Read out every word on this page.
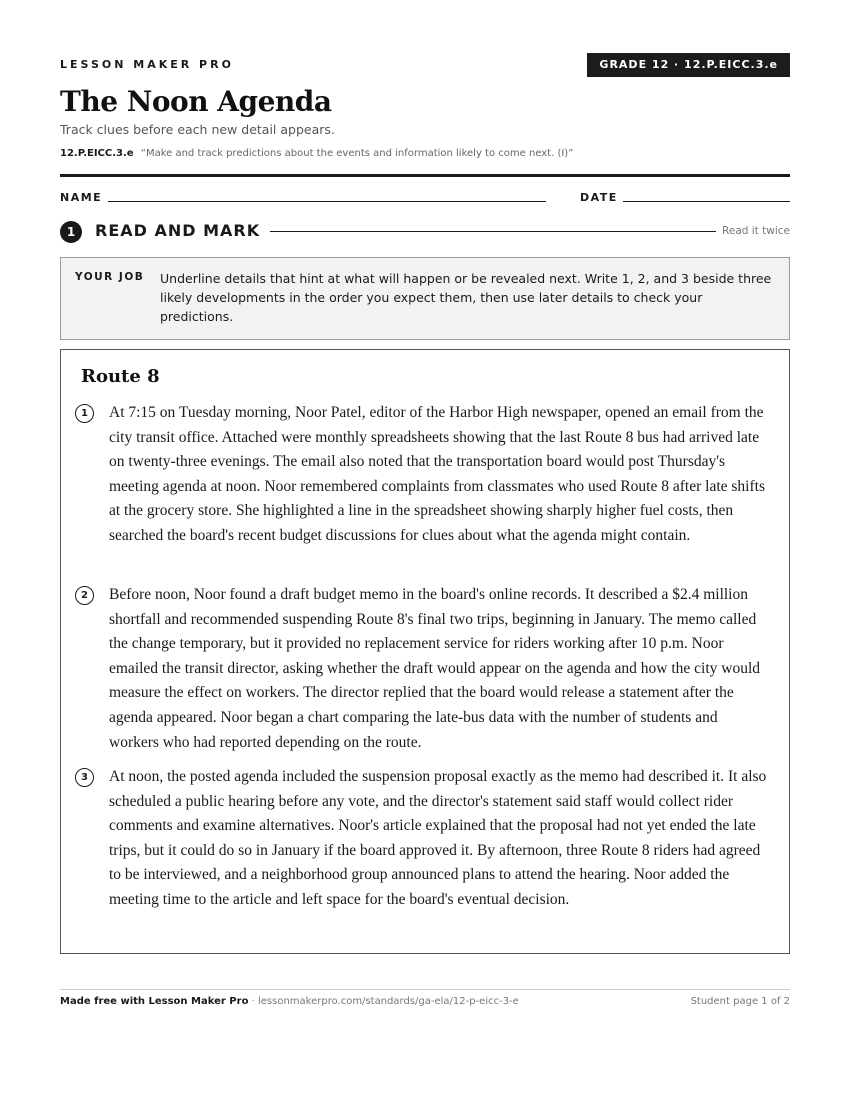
LESSON MAKER PRO	GRADE 12 · 12.P.EICC.3.e
The Noon Agenda
Track clues before each new detail appears.
12.P.EICC.3.e “Make and track predictions about the events and information likely to come next. (I)”
NAME	DATE
1	READ AND MARK	Read it twice
YOUR JOB Underline details that hint at what will happen or be revealed next. Write 1, 2, and 3 beside three likely developments in the order you expect them, then use later details to check your predictions.
Route 8
1	At 7:15 on Tuesday morning, Noor Patel, editor of the Harbor High newspaper, opened an email from the city transit office. Attached were monthly spreadsheets showing that the last Route 8 bus had arrived late on twenty-three evenings. The email also noted that the transportation board would post Thursday's meeting agenda at noon. Noor remembered complaints from classmates who used Route 8 after late shifts at the grocery store. She highlighted a line in the spreadsheet showing sharply higher fuel costs, then searched the board's recent budget discussions for clues about what the agenda might contain.

2	Before noon, Noor found a draft budget memo in the board's online records. It described a $2.4 million shortfall and recommended suspending Route 8's final two trips, beginning in January. The memo called the change temporary, but it provided no replacement service for riders working after 10 p.m. Noor emailed the transit director, asking whether the draft would appear on the agenda and how the city would measure the effect on workers. The director replied that the board would release a statement after the agenda appeared. Noor began a chart comparing the late-bus data with the number of students and workers who had reported depending on the route.

3	At noon, the posted agenda included the suspension proposal exactly as the memo had described it. It also scheduled a public hearing before any vote, and the director's statement said staff would collect rider comments and examine alternatives. Noor's article explained that the proposal had not yet ended the late trips, but it could do so in January if the board approved it. By afternoon, three Route 8 riders had agreed to be interviewed, and a neighborhood group announced plans to attend the hearing. Noor added the meeting time to the article and left space for the board's eventual decision.

Made free with Lesson Maker Pro · lessonmakerpro.com/standards/ga-ela/12-p-eicc-3-e	Student page 1 of 2
